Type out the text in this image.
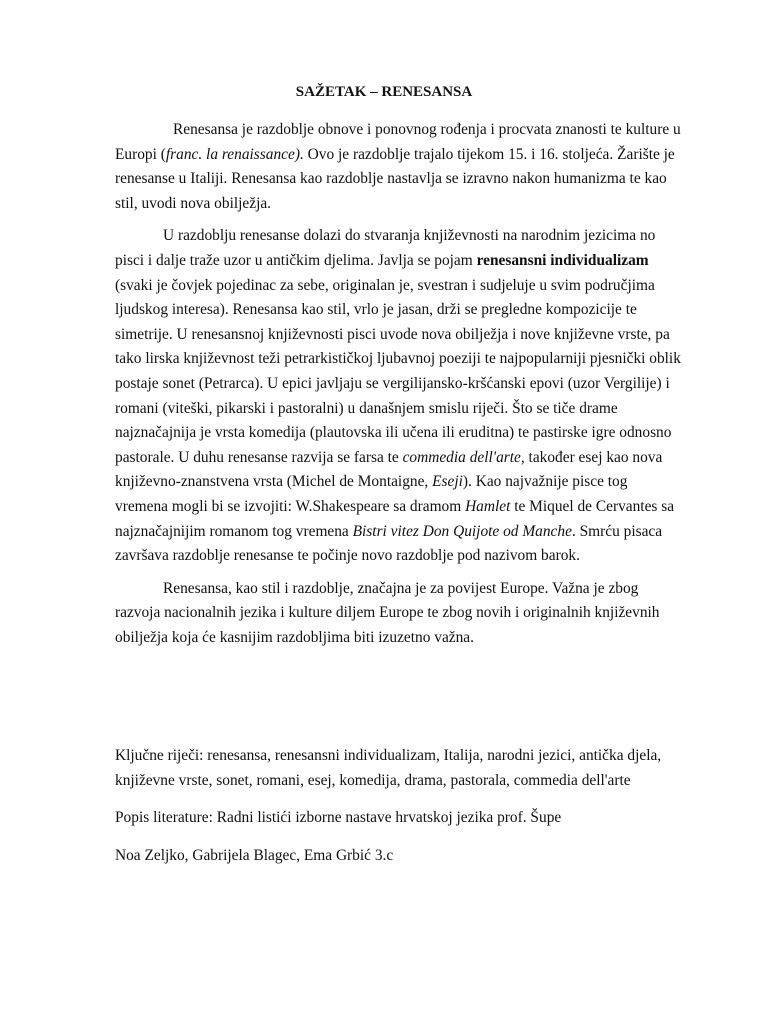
SAŽETAK – RENESANSA

Renesansa je razdoblje obnove i ponovnog rođenja i procvata znanosti te kulture u Europi (franc. la renaissance). Ovo je razdoblje trajalo tijekom 15. i 16. stoljeća. Žarište je renesanse u Italiji. Renesansa kao razdoblje nastavlja se izravno nakon humanizma te kao stil, uvodi nova obilježja.

U razdoblju renesanse dolazi do stvaranja književnosti na narodnim jezicima no pisci i dalje traže uzor u antičkim djelima. Javlja se pojam renesansni individualizam (svaki je čovjek pojedinac za sebe, originalan je, svestran i sudjeluje u svim područjima ljudskog interesa). Renesansa kao stil, vrlo je jasan, drži se pregledne kompozicije te simetrije. U renesansnoj književnosti pisci uvode nova obilježja i nove književne vrste, pa tako lirska književnost teži petrarkističkoj ljubavnoj poeziji te najpopularniji pjesnički oblik postaje sonet (Petrarca). U epici javljaju se vergilijansko-kršćanski epovi (uzor Vergilije) i romani (viteški, pikarski i pastoralni) u današnjem smislu riječi. Što se tiče drame najznačajnija je vrsta komedija (plautovska ili učena ili eruditna) te pastirske igre odnosno pastorale. U duhu renesanse razvija se farsa te commedia dell'arte, također esej kao nova književno-znanstvena vrsta (Michel de Montaigne, Eseji). Kao najvažnije pisce tog vremena mogli bi se izvojiti: W.Shakespeare sa dramom Hamlet te Miquel de Cervantes sa najznačajnijim romanom tog vremena Bistri vitez Don Quijote od Manche. Smrću pisaca završava razdoblje renesanse te počinje novo razdoblje pod nazivom barok.

Renesansa, kao stil i razdoblje, značajna je za povijest Europe. Važna je zbog razvoja nacionalnih jezika i kulture diljem Europe te zbog novih i originalnih književnih obilježja koja će kasnijim razdobljima biti izuzetno važna.

Ključne riječi: renesansa, renesansni individualizam, Italija, narodni jezici, antička djela, književne vrste, sonet, romani, esej, komedija, drama, pastorala, commedia dell'arte

Popis literature: Radni listići izborne nastave hrvatskoj jezika prof. Šupe

Noa Zeljko, Gabrijela Blagec, Ema Grbić 3.c
